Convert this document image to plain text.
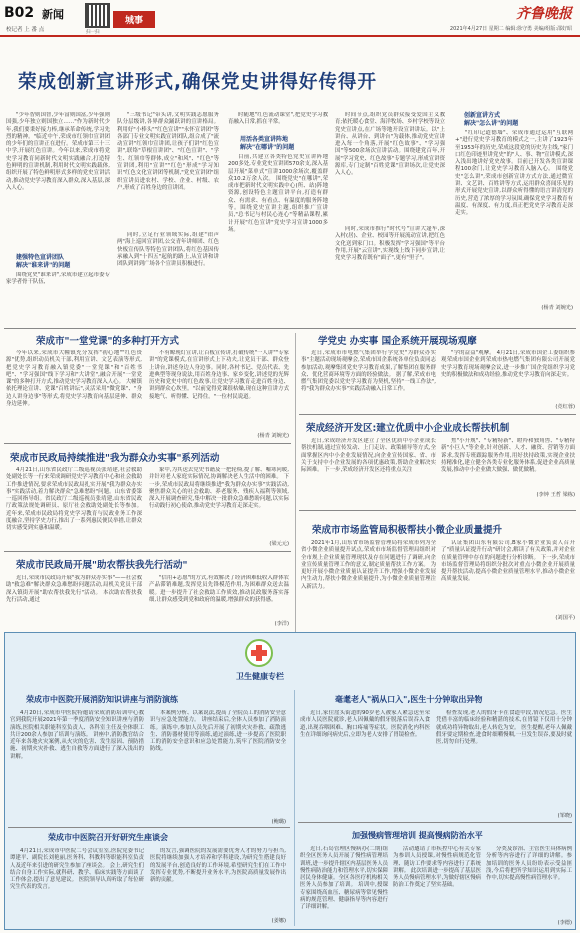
B02 新闻
校记者 上 番 点	扫一扫
城事	齐鲁晚报
2021年4月27日 星期二 编辑:徐守勇 美编/组版:邵好昭
荣成创新宣讲形式,确保党史讲得好传得开
"少年智则国智,少年富则国富,少年强则国强,少年独立则国独立……"作为新时代少年,我们要秉好接力棒,继承革命传统,学习先烈的精神。"临近中午,荣成市红领巾宣讲团的少年们的宣讲正在进行。荣成市第三十三中学,开展红色宣讲。今年以来,荣成市将党史学习教育同新时代文明实践融合,打造特色鲜明的宣讲机制,利用时代文明实践载体,组织开展了特色鲜明形式多样的党史宣讲活动,推动党史学习教育深入群众,深入基层,深入人心。
建强特色宣讲团队
解决"谁来讲"的问题
围绕党史"谁来讲",荣成市建立起市委专家学者骨干队伍,
"三级书记"带头讲,文明实践志愿服务队分层级讲,各界群众踊跃讲的宣讲格局。利用好"小棒头""红色宣讲""永怀宣讲团"等各部门专业文明实践宣讲团队,组合成了"流动宣讲"红领巾宣讲团,让孩子们讲"红色宣讲",联络"草根宣讲团"、"红色宣讲"、"学生、红领巾等群体,成立"和风"、"红色"等宣讲团,利用"宣讲""红色"形成"学习知识"红色文化宣讲团等机制,"党史宣讲团"组织宣讲员进农村、学校、企业、村级、农户,形成了百姓身边的宣讲团。
同时,立足行业领域实际,组建"铂声两"海上巡回宣讲团,公交青年讲师团、红色快板宣传队等特色宣讲团队,将红色基因传承融入到"十四五"起航的路上,从宣讲和讲团队到讲到广场各个宣讲员积极进行。
时随地"红色流动课堂",把党史学习教育融入日常,抓在平常。
用活各类宣讲阵地
解决"在哪讲"的问题
目前,共建立各类特色党史宣讲阵地200多处,专业党史宣讲团570余支,深入基层开展"菜单式"宣讲1000余场次,覆盖群众10.2万余人次。 围绕党史"在哪讲",荣成市把新时代文明实践中心(所、站)阵地资源,创设特色主题宣讲平台,打造有群众、有需求、有看点、有温度的服务阵地等。围绕党史宣讲主题,组织推广宣讲员,"总书记与村民心连心"等精品课程,累计开展"红色宣讲"党史学习宣讲1000多场。
时间节点,组织党员群众接受爱国主义教育;依托暖心食堂、海洋牧场、乡村学校等设立党史宣讲点,在广场等地开设宣讲讲坛。以"上讲台、从讲台、到讲台"为载体,推动党史宣讲进入每一个角落,开展"红色故事"、"学习强国"等500余场次宣讲活动。围绕建党百年,开展"学习党史、红色故事"专题学习,形成宣讲资源库,专门定制"百姓党课"宣讲场次,让党史深入人心。
同时,荣成市推行"时代号"宣讲大篷车,深入村(居)、企业、校园等开展流动宣讲,把红色文化送到家门口。积极发挥"学习强国"等平台作用,开展"云宣讲",实现线上线下同步宣讲,让党史学习教育既有"面子",更有"里子"。
创新宣讲方式
解决"怎么讲"的问题
"红印记道德墙"、荣成市通过运用"互联网+"进行党史学习教育的模式之一,主讲了1923年至1953年的历史,荣成这段党的历史为主线,"家门口红色印迹里讲党史"的"人、事、物"宣讲模式,深入浅出地讲好党史故事。目前已开发各类宣讲课程100余门,让党史学习教育入脑入心。 围绕党史"怎么讲",荣成市创新宣讲方式方法,通过微宣讲、文艺讲、百姓讲等方式,运用群众喜闻乐见的形式开展党史宣讲,以群众听得懂的语言讲清党的历史,营造了浓厚的学习氛围,确保党史学习教育有温度、有深度、有力度,真正把党史学习教育走深走实。
(杨青 刘婉光)
荣成市"一堂党课"的多种打开方式
今年以来,荣成市大幢镇充分发挥"初心地""红色资源"优势,组织动员机关干部,利用宣讲、文艺表演等形式,把党史学习教育融入镇党委"一堂党课"和"百姓书吧"、"学习强国"线下学习和"大讲堂",融合开展"一堂党课"的多种打开方式,推动党史学习教育深入人心。 大幢镇依托理论宣讲、党课"百姓讲坛",灵活采用"微党课"、"身边人讲身边事"等形式,将党史学习教育向基层延伸、群众身边延伸。
不有鲸现灯宣讲,让百板宣传讲,打破传统"一人讲""专家讲"的党课模式,在宣讲形式上下功夫,让党员干部、群众登上讲台,讲述身边人身边事。同时,各村书记、党员代表、先进典型等现身说法,用百姓身边事、家乡变化,讲述党的光辉历史和党史中的红色故事,让党史学习教育走进百姓身边、讲到群众心坎里。"以前觉得党课很枯燥,现在这种宣讲方式接地气、听得懂、记得住。"一位村民说道。
(杨青 刘婉光)
荣成市民政局持续推进"我为群众办实事"系列活动
4月21日,山东省民政厅二级巡视员张靖建,社会救助处副处长等一行来荣成调研党史学习教育中心和社会救助工作推进情况,要求荣成市民政局扎实开展"我为群众办实事"实践活动,着力解决群众"急难愁盼"问题。山东省委第一巡回指导组。省民政厅二级巡视员张靖建,山东省民政厅政策法规处调研员、原厅社会救助处副处长等参加。 近年来,荣成市民政局将党史学习教育与民政业务工作深度融合,坚持学史力行,推出了一系列惠民便民举措,让群众切实感受到实惠和温暖。
象中,为其送去党史书籍及一把轮椅,提了解、嘘寒问暖,并针对老人家庭实际情况,协调解决老人生活中的困难。 下一步,荣成市民政局将继续推进"我为群众办实事"实践活动,聚焦群众关心的社会救助、养老服务、残疾人福利等领域,深入开展调查研究,集中解决一批群众急难愁盼问题,以实际行动践行初心使命,推动党史学习教育走深走实。
(梁元元)
荣成市民政局开展"助农帮扶我先行活动"
近日,荣成市民政局开展"我为群众办实事"——社会救助"救急难"解决群众急难愁盼问题活动,局机关党员干部深入镇街开展"助农帮扶我先行"活动。 本次助农帮扶我先行活动,通过
"信用+志愿"的方式,有效解决了经济困难低收入群体农产品滞销难题,发挥党员先锋模范作用,为困难群众送去温暖。进一步提升了社会救助工作质效,推动民政服务落实落细,让群众感受到党和政府的温暖,增强群众的获得感。
(李洋)
学党史 办实事 国企系统开展现场观摩
近日,荣成市市电燃气集团举行学党史"为群众办实事"主题活动现场观摩会,荣成市国企系统各单位负责同志参加活动,观摩集团党史学习教育成果,了解集团在服务群众、优化营商环境等方面的经验做法。 据了解,荣成市电燃气集团党委以党史学习教育为契机,坚持"一线工作法",将"我为群众办实事"实践活动融入日常工作。
"学的益益"观摩。 4月21日,荣成市国企工委组织参观荣成市国企业到荣成市热电燃气集团有限公司开展党史学习教育现场观摩会议,进一步推广国企党组织学习党史的积极做法和成功经验,推动党史学习教育向深走实。
(竞红蓉)
荣成经济开发区:建立优质中小企业成长帮扶机制
近日,荣成经济开发区建立了全区优质中小企业成长帮扶机制,通过宣传发动、上门走访、政策辅导等方式,全面掌握区内中小企业发展情况,向企业宣传国家、省、市关于支持中小企业发展的各项优惠政策,帮助企业解决实际困难。 下一步,荣成经济开发区还将重点关注
焦"小升规"、"专精特新"、瞪羚和独角兽、"专精特新"小巨人"等企业,针对创新、人才、融资、营销等方面诉求,发挥专班跟踪服务作用,用好扶持政策,实现企业扶持精准化,建立健全各类专业化服务体系,促进企业高质量发展,推动中小企业做大做强、做优做精。
(李钟 王哲 梁栋)
荣成市市场监管局积极帮扶小微企业质量提升
2021年1月,山东省市场监督管理局将荣成市列为全省小微企业质量提升试点,荣成市市场监督管理局组织对全市规上企业质量管理现状及存在问题进行了调研,向企业宣传质量管理工作的意义,制定质量帮扶工作方案。 为更好开展小微企业质量认证提升工作,增强小微企业发展内生动力,帮扶小微企业质量提升,为小微企业质量管理注入新活力。
认证集团山东有限公司,B家小微企业负责人召开了"质量认证提升行动"研讨会,解读了有关政策,并对企业在质量管理中存在的问题进行分析诊断。 下一步,荣成市市场监督管理局将组织分批次对重点小微企业开展质量提升帮扶活动,提高小微企业质量管理水平,推动小微企业高质量发展。
(刘国平)
卫生健康专栏
荣成市中医院开展消防知识讲座与消防演练
4月20日,荣成市中医院特邀请荣成消防培训中心教官到我院开展2021年第一季度消防安全知识讲座与消防演练,医院相关职能科室负责人、各科室主任及全体职工共计200余人参加了培训与演练。 讲座中,消防教官结合近年来各地火灾案例,从火灾的危害、发生原因、预防措施、初期火灾扑救、逃生自救等方面进行了深入浅出的讲解。
本案例分析、以案说法,提高了全院员工的消防安全意识与应急处置能力。 讲座结束后,全体人员参加了消防演练。演练中,参加人员先后开展了初期火灾扑救、疏散逃生、消防器材使用等演练,通过演练,进一步提高了医院职工的消防安全意识和应急处置能力,筑牢了医院消防安全防线。
(鲍璐)
荣成市中医院召开好研究生座谈会
4月21日,荣成市中医院二号会议室室,医院党委书记谭建平、副院长刘艳丽,医务科、科教科等职能科室负责人及近年来引进的研究生参加了座谈会。 会上,研究生们结合自身工作实际,就科研、教学、临床实践等方面谈了工作体会,提出了意见建议。 医院领导认真听取了每位研究生代表的发言。
的发言,强调医院的发展需要优秀人才的努力与担当,医院将继续加强人才培养和学科建设,为研究生搭建良好的发展平台,创造良好的工作环境,希望研究生们在工作中发挥专业优势,不断提升业务水平,为医院高质量发展作出新的贡献。
(姜娜)
毫耄老人"祸从口入",医生十分钟取出异物
近日,家住崖头街道的90岁老人被家人紧急送至荣成市人民医院就诊,老人因佩戴的假牙脱落后误吞入食道,出现吞咽困难、胸口疼痛等症状。医院消化内科医生在详细询问病史后,立即为老人安排了胃镜检查。
检查发现,老人的假牙卡在食道中段,情况危急。医生凭借丰富的临床经验和精湛的技术,在胃镜下仅用十分钟就成功将异物取出,老人转危为安。 医生提醒,老年人佩戴假牙要定期检查,进食时细嚼慢咽,一旦发生误吞,要及时就医,切勿自行处理。
(邹晓)
加强慢病管理培训 提高慢病防治水平
近日,石岛管理区慢病办(二期)组织全区医务人员开展了慢性病管理培训班,进一步提升辖区内基层医务人员慢性病防治能力和管理水平,切实保障居民身体健康。全区各医疗机构相关医务人员参加了培训。 培训中,授课专家围绕高血压、糖尿病等常见慢性病的规范管理、健康指导等内容进行了详细讲解。
活动邀请了市疾控中心有关专家为参训人员授课,对慢性病规范化管理、随访工作要求等内容进行了系统讲解。 此次培训进一步提高了基层医务人员慢病管理水平,为做好辖区慢病防治工作奠定了坚实基础。
分类及诊治、主管医生具体病例分析等内容进行了详细的讲解。参加培训的医务人员纷纷表示受益匪浅,今后将把所学知识运用到实际工作中,切实提高慢性病管理水平。
(李德)
